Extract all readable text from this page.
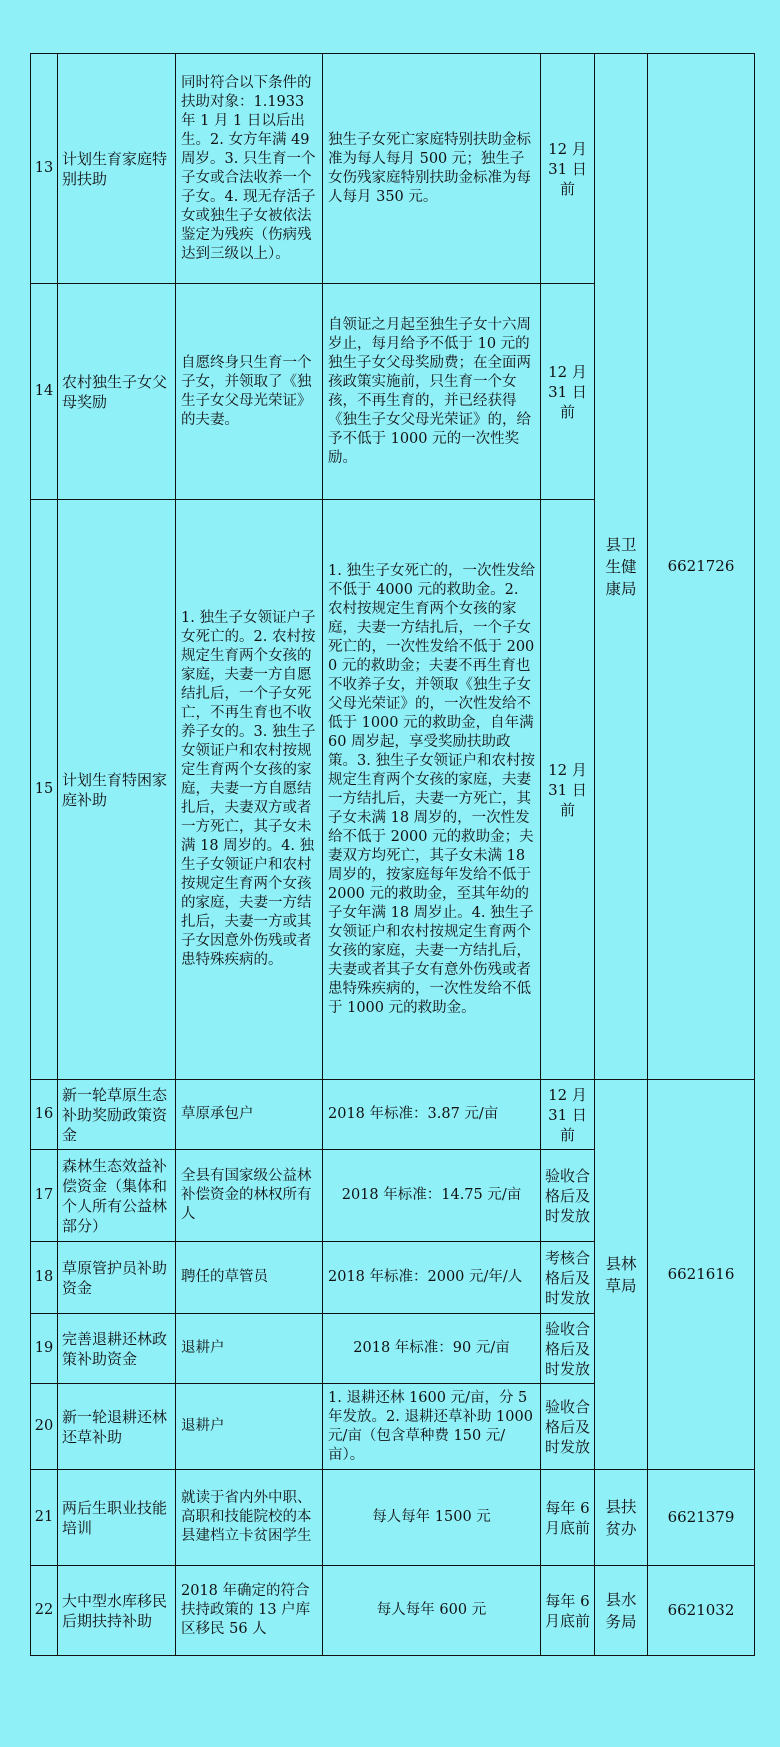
13	计划生育家庭特别扶助	同时符合以下条件的扶助对象：1.1933 年 1 月 1 日以后出生。2. 女方年满 49 周岁。3. 只生育一个子女或合法收养一个子女。4. 现无存活子女或独生子女被依法鉴定为残疾（伤病残达到三级以上）。	独生子女死亡家庭特别扶助金标准为每人每月 500 元；独生子女伤残家庭特别扶助金标准为每人每月 350 元。	12 月 31 日前	县卫生健康局	6621726
14	农村独生子女父母奖励	自愿终身只生育一个子女，并领取了《独生子女父母光荣证》的夫妻。	自领证之月起至独生子女十六周岁止，每月给予不低于 10 元的独生子女父母奖励费；在全面两孩政策实施前，只生育一个女孩，不再生育的，并已经获得《独生子女父母光荣证》的，给予不低于 1000 元的一次性奖励。	12 月 31 日前		
15	计划生育特困家庭补助	1. 独生子女领证户子女死亡的。2. 农村按规定生育两个女孩的家庭，夫妻一方自愿结扎后，一个子女死亡，不再生育也不收养子女的。3. 独生子女领证户和农村按规定生育两个女孩的家庭，夫妻一方自愿结扎后，夫妻双方或者一方死亡，其子女未满 18 周岁的。4. 独生子女领证户和农村按规定生育两个女孩的家庭，夫妻一方结扎后，夫妻一方或其子女因意外伤残或者患特殊疾病的。	1. 独生子女死亡的，一次性发给不低于 4000 元的救助金。2. 农村按规定生育两个女孩的家庭，夫妻一方结扎后，一个子女死亡的，一次性发给不低于 2000 元的救助金；夫妻不再生育也不收养子女，并领取《独生子女父母光荣证》的，一次性发给不低于 1000 元的救助金，自年满 60 周岁起，享受奖励扶助政策。3. 独生子女领证户和农村按规定生育两个女孩的家庭，夫妻一方结扎后，夫妻一方死亡，其子女未满 18 周岁的，一次性发给不低于 2000 元的救助金；夫妻双方均死亡，其子女未满 18 周岁的，按家庭每年发给不低于 2000 元的救助金，至其年幼的子女年满 18 周岁止。4. 独生子女领证户和农村按规定生育两个女孩的家庭，夫妻一方结扎后，夫妻或者其子女有意外伤残或者患特殊疾病的，一次性发给不低于 1000 元的救助金。	12 月 31 日前		
16	新一轮草原生态补助奖励政策资金	草原承包户	2018 年标准：3.87 元/亩	12 月 31 日前	县林草局	6621616
17	森林生态效益补偿资金（集体和个人所有公益林部分）	全县有国家级公益林补偿资金的林权所有人	2018 年标准：14.75 元/亩	验收合格后及时发放		
18	草原管护员补助资金	聘任的草管员	2018 年标准：2000 元/年/人	考核合格后及时发放		
19	完善退耕还林政策补助资金	退耕户	2018 年标准：90 元/亩	验收合格后及时发放		
20	新一轮退耕还林还草补助	退耕户	1. 退耕还林 1600 元/亩，分 5 年发放。2. 退耕还草补助 1000 元/亩（包含草种费 150 元/亩）。	验收合格后及时发放		
21	两后生职业技能培训	就读于省内外中职、高职和技能院校的本县建档立卡贫困学生	每人每年 1500 元	每年 6 月底前	县扶贫办	6621379
22	大中型水库移民后期扶持补助	2018 年确定的符合扶持政策的 13 户库区移民 56 人	每人每年 600 元	每年 6 月底前	县水务局	6621032
